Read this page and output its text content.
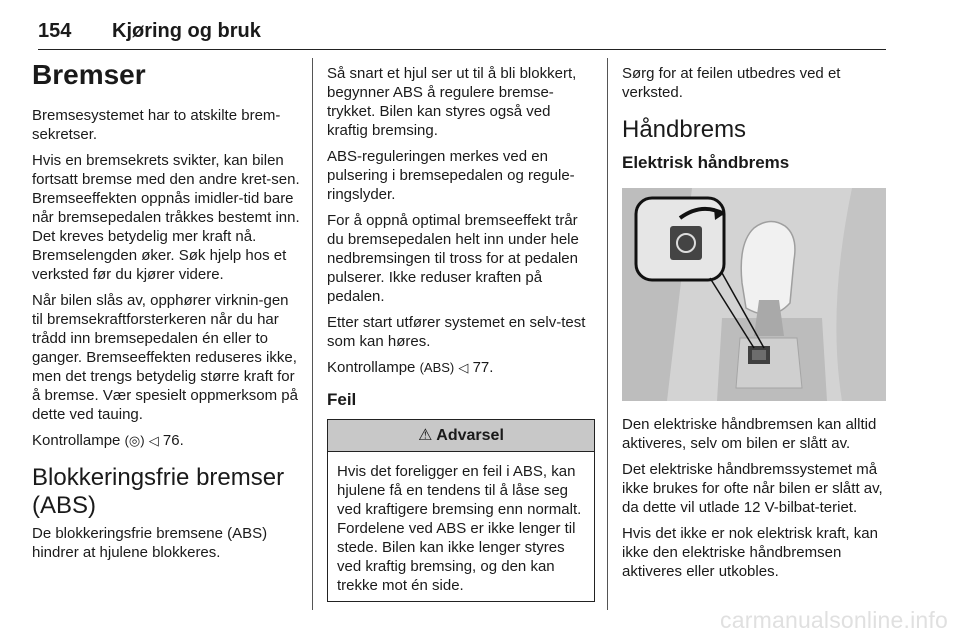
154 Kjøring og bruk
Bremser

Bremsesystemet har to atskilte brem-sekretser.

Hvis en bremsekrets svikter, kan bilen fortsatt bremse med den andre kret-sen. Bremseeffekten oppnås imidler-tid bare når bremsepedalen tråkkes bestemt inn. Det kreves betydelig mer kraft nå. Bremselengden øker. Søk hjelp hos et verksted før du kjører videre.

Når bilen slås av, opphører virknin-gen til bremsekraftforsterkeren når du har trådd inn bremsepedalen én eller to ganger. Bremseeffekten reduseres ikke, men det trengs betydelig større kraft for å bremse. Vær spesielt oppmerksom på dette ved tauing.

Kontrollampe (◎) ◁ 76.

Blokkeringsfrie bremser (ABS)

De blokkeringsfrie bremsene (ABS) hindrer at hjulene blokkeres.

Så snart et hjul ser ut til å bli blokkert, begynner ABS å regulere bremse-trykket. Bilen kan styres også ved kraftig bremsing.

ABS-reguleringen merkes ved en pulsering i bremsepedalen og regule-ringslyder.

For å oppnå optimal bremseeffekt trår du bremsepedalen helt inn under hele nedbremsingen til tross for at pedalen pulserer. Ikke reduser kraften på pedalen.

Etter start utfører systemet en selv-test som kan høres.

Kontrollampe (ABS) ◁ 77.

Feil
⚠ Advarsel

Hvis det foreligger en feil i ABS, kan hjulene få en tendens til å låse seg ved kraftigere bremsing enn normalt. Fordelene ved ABS er ikke lenger til stede. Bilen kan ikke lenger styres ved kraftig bremsing, og den kan trekke mot én side.

Sørg for at feilen utbedres ved et verksted.

Håndbrems
Elektrisk håndbrems

Den elektriske håndbremsen kan alltid aktiveres, selv om bilen er slått av.

Det elektriske håndbremssystemet må ikke brukes for ofte når bilen er slått av, da dette vil utlade 12 V-bilbat-teriet.

Hvis det ikke er nok elektrisk kraft, kan ikke den elektriske håndbremsen aktiveres eller utkobles.

carmanualsonline.info
